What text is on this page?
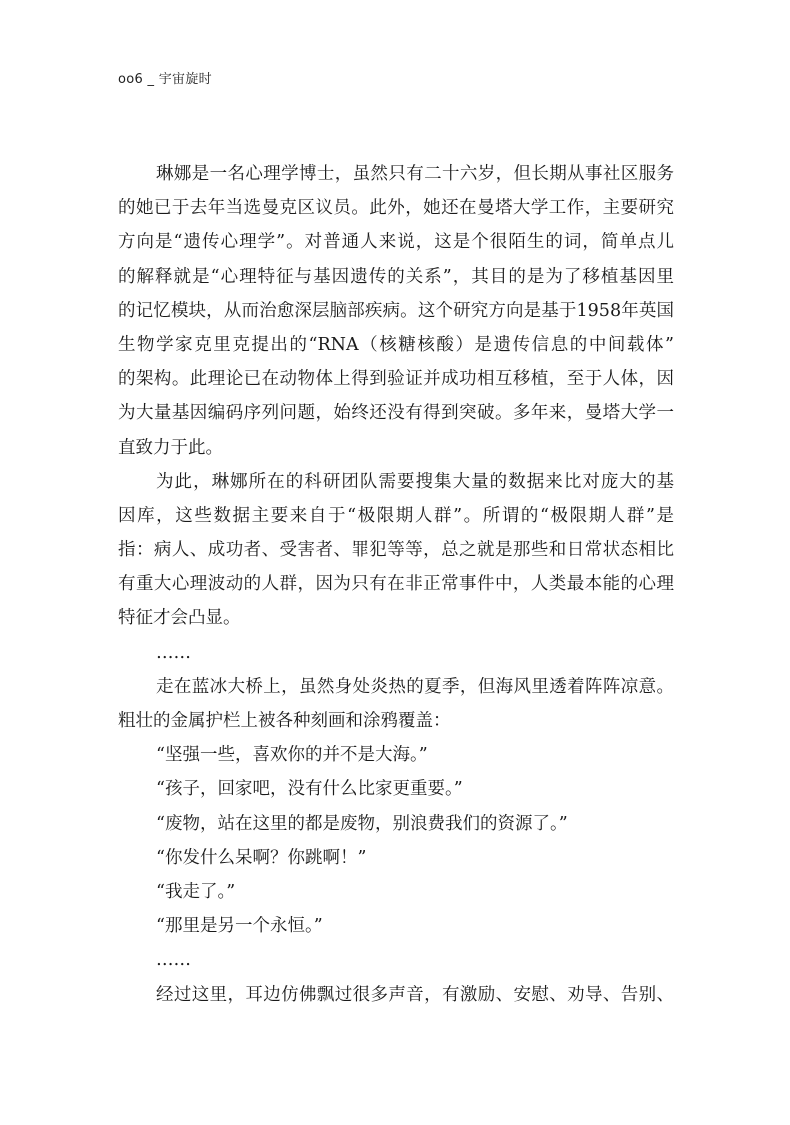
oo6 _ 宇宙旋时
琳娜是一名心理学博士，虽然只有二十六岁，但长期从事社区服务
的她已于去年当选曼克区议员。此外，她还在曼塔大学工作，主要研究
方向是“遗传心理学”。对普通人来说，这是个很陌生的词，简单点儿
的解释就是“心理特征与基因遗传的关系”，其目的是为了移植基因里
的记忆模块，从而治愈深层脑部疾病。这个研究方向是基于1958年英国
生物学家克里克提出的“RNA（核糖核酸）是遗传信息的中间载体”
的架构。此理论已在动物体上得到验证并成功相互移植，至于人体，因
为大量基因编码序列问题，始终还没有得到突破。多年来，曼塔大学一
直致力于此。
为此，琳娜所在的科研团队需要搜集大量的数据来比对庞大的基
因库，这些数据主要来自于“极限期人群”。所谓的“极限期人群”是
指：病人、成功者、受害者、罪犯等等，总之就是那些和日常状态相比
有重大心理波动的人群，因为只有在非正常事件中，人类最本能的心理
特征才会凸显。
……
走在蓝冰大桥上，虽然身处炎热的夏季，但海风里透着阵阵凉意。
粗壮的金属护栏上被各种刻画和涂鸦覆盖：
“坚强一些，喜欢你的并不是大海。”
“孩子，回家吧，没有什么比家更重要。”
“废物，站在这里的都是废物，别浪费我们的资源了。”
“你发什么呆啊？你跳啊！”
“我走了。”
“那里是另一个永恒。”
……
经过这里，耳边仿佛飘过很多声音，有激励、安慰、劝导、告别、
